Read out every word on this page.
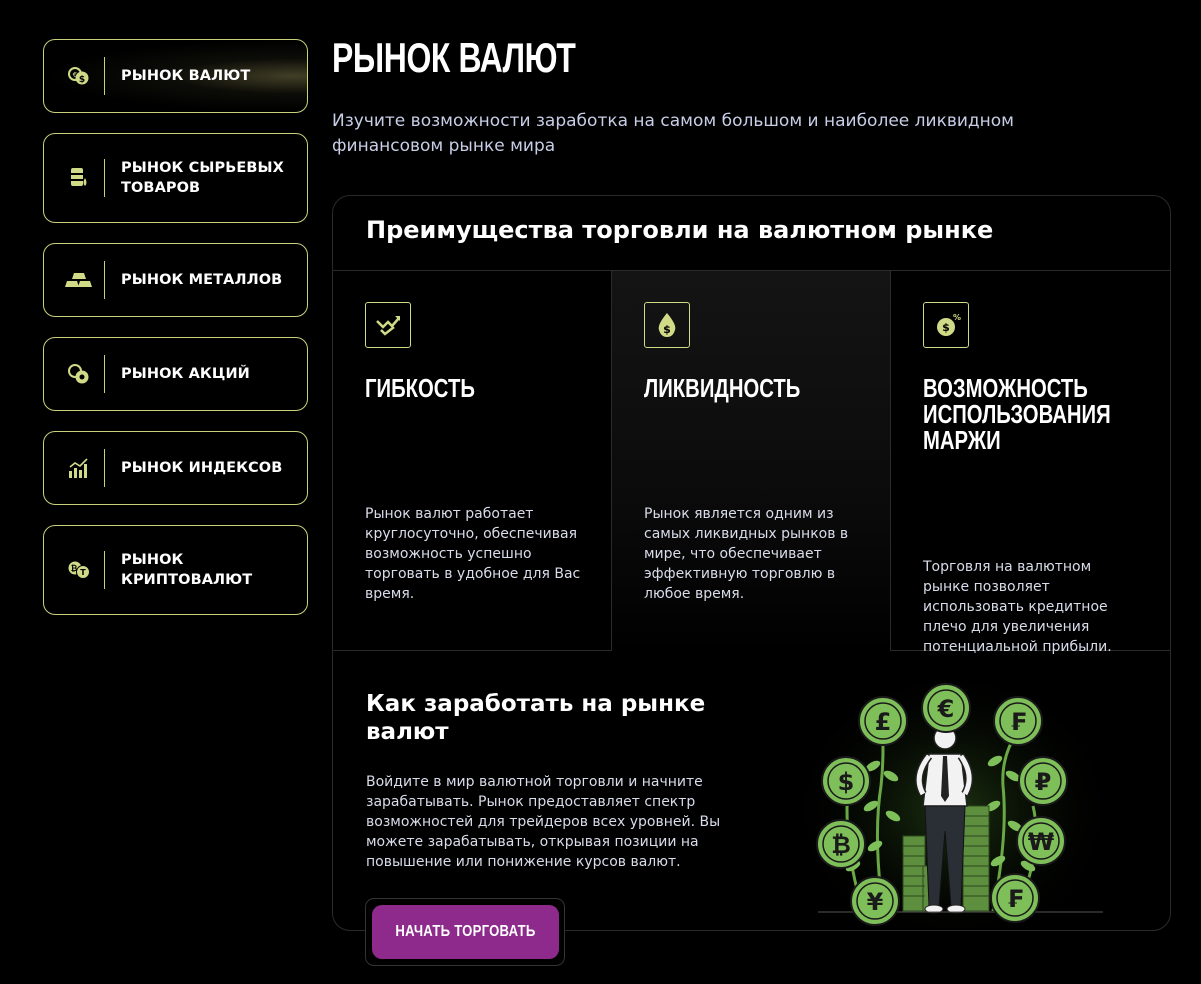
$
€	РЫНОК ВАЛЮТ
РЫНОК СЫРЬЕВЫХ
ТОВАРОВ
РЫНОК МЕТАЛЛОВ
РЫНОК АКЦИЙ
РЫНОК ИНДЕКСОВ
₿ T
РЫНОК
КРИПТОВАЛЮТ
РЫНОК ВАЛЮТ

Изучите возможности заработка на самом большом и наиболее ликвидном финансовом рынке мира

Преимущества торговли на валютном рынке
ГИБКОСТЬ
Рынок валют работает круглосуточно, обеспечивая возможность успешно торговать в удобное для Вас время.
$
ЛИКВИДНОСТЬ
Рынок является одним из самых ликвидных рынков в мире, что обеспечивает эффективную торговлю в любое время.
$
%
ВОЗМОЖНОСТЬ ИСПОЛЬЗОВАНИЯ МАРЖИ
Торговля на валютном рынке позволяет использовать кредитное плечо для увеличения потенциальной прибыли.
Как заработать на рынке валют

Войдите в мир валютной торговли и начните зарабатывать. Рынок предоставляет спектр возможностей для трейдеров всех уровней. Вы можете зарабатывать, открывая позиции на повышение или понижение курсов валют.

£ € ₣
$	₽
₿	₩
¥	₣
НАЧАТЬ ТОРГОВАТЬ
